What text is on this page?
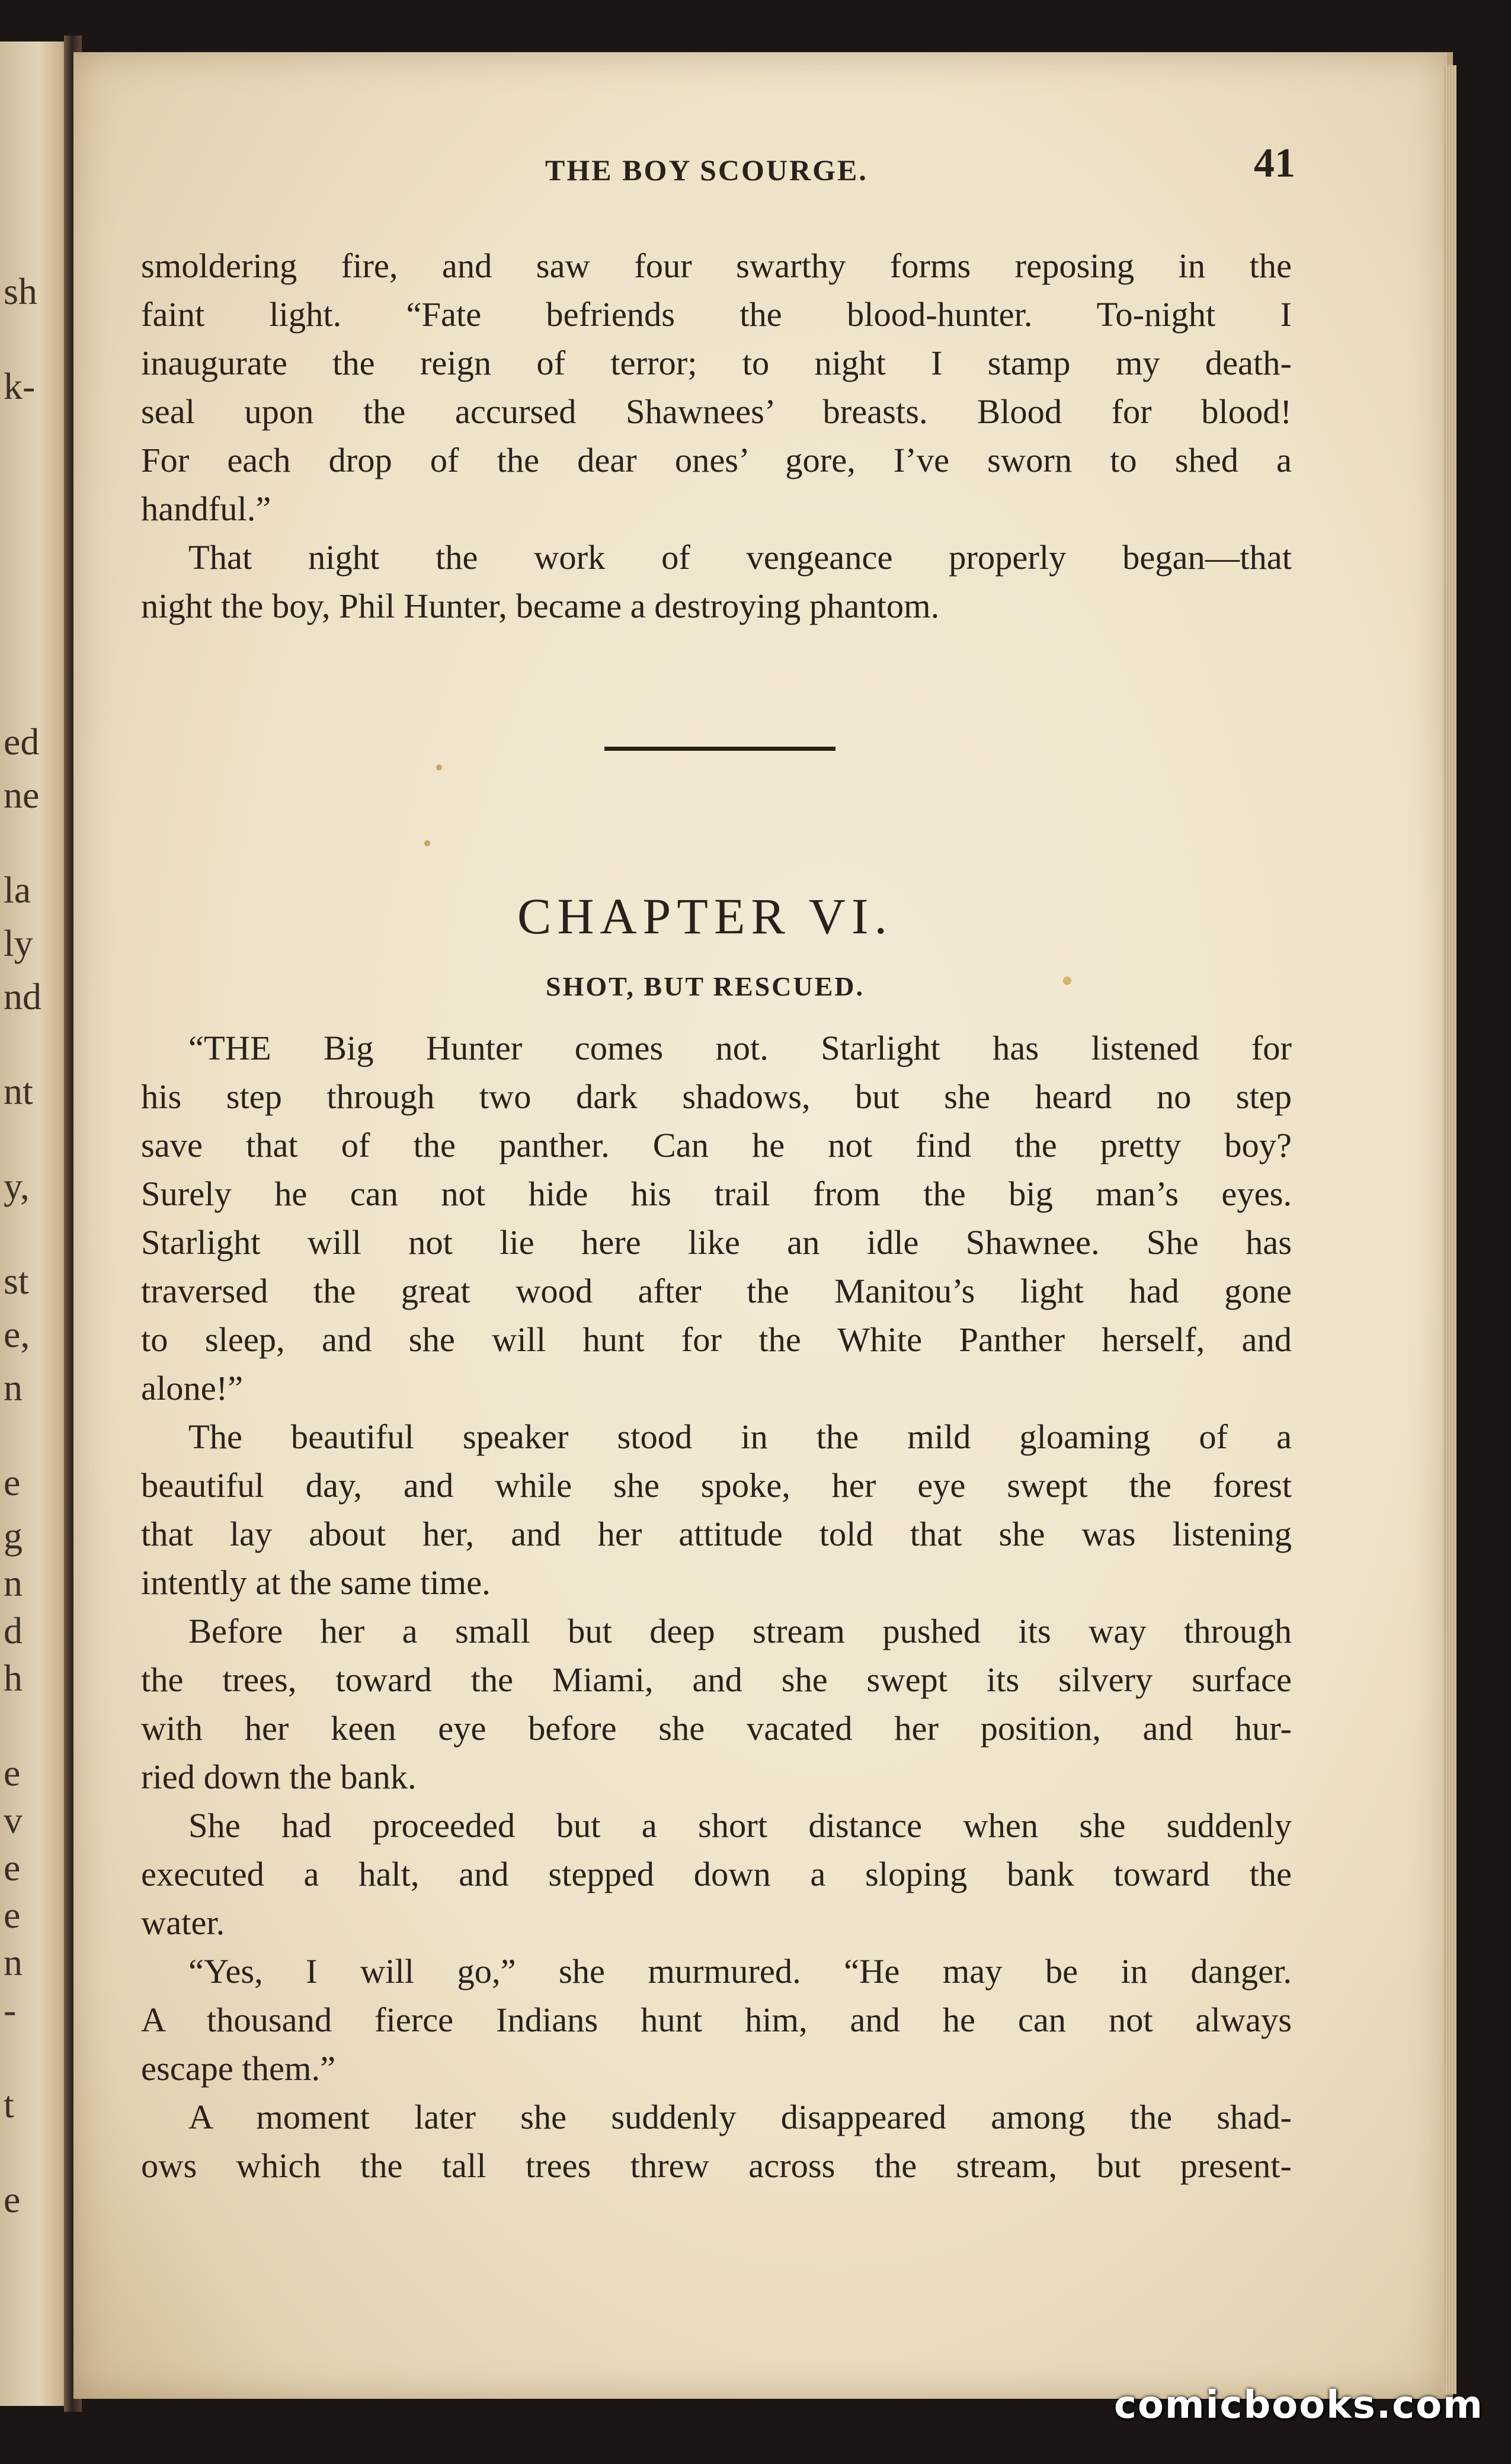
sh
k-
ed
ne
la
ly
nd
nt
y,
st
e,
n
e
g
n
d
h
e
v
e
e
n
-
t
e
THE BOY SCOURGE.	41
smoldering fire, and saw four swarthy forms reposing in the
faint light. “Fate befriends the blood-hunter. To-night I
inaugurate the reign of terror; to night I stamp my death-
seal upon the accursed Shawnees’ breasts. Blood for blood!
For each drop of the dear ones’ gore, I’ve sworn to shed a
handful.”
That night the work of vengeance properly began—that
night the boy, Phil Hunter, became a destroying phantom.
CHAPTER VI.
SHOT, BUT RESCUED.
“THE Big Hunter comes not. Starlight has listened for
his step through two dark shadows, but she heard no step
save that of the panther. Can he not find the pretty boy?
Surely he can not hide his trail from the big man’s eyes.
Starlight will not lie here like an idle Shawnee. She has
traversed the great wood after the Manitou’s light had gone
to sleep, and she will hunt for the White Panther herself, and
alone!”
The beautiful speaker stood in the mild gloaming of a
beautiful day, and while she spoke, her eye swept the forest
that lay about her, and her attitude told that she was listening
intently at the same time.
Before her a small but deep stream pushed its way through
the trees, toward the Miami, and she swept its silvery surface
with her keen eye before she vacated her position, and hur-
ried down the bank.
She had proceeded but a short distance when she suddenly
executed a halt, and stepped down a sloping bank toward the
water.
“Yes, I will go,” she murmured. “He may be in danger.
A thousand fierce Indians hunt him, and he can not always
escape them.”
A moment later she suddenly disappeared among the shad-
ows which the tall trees threw across the stream, but present-
comicbooks.com
